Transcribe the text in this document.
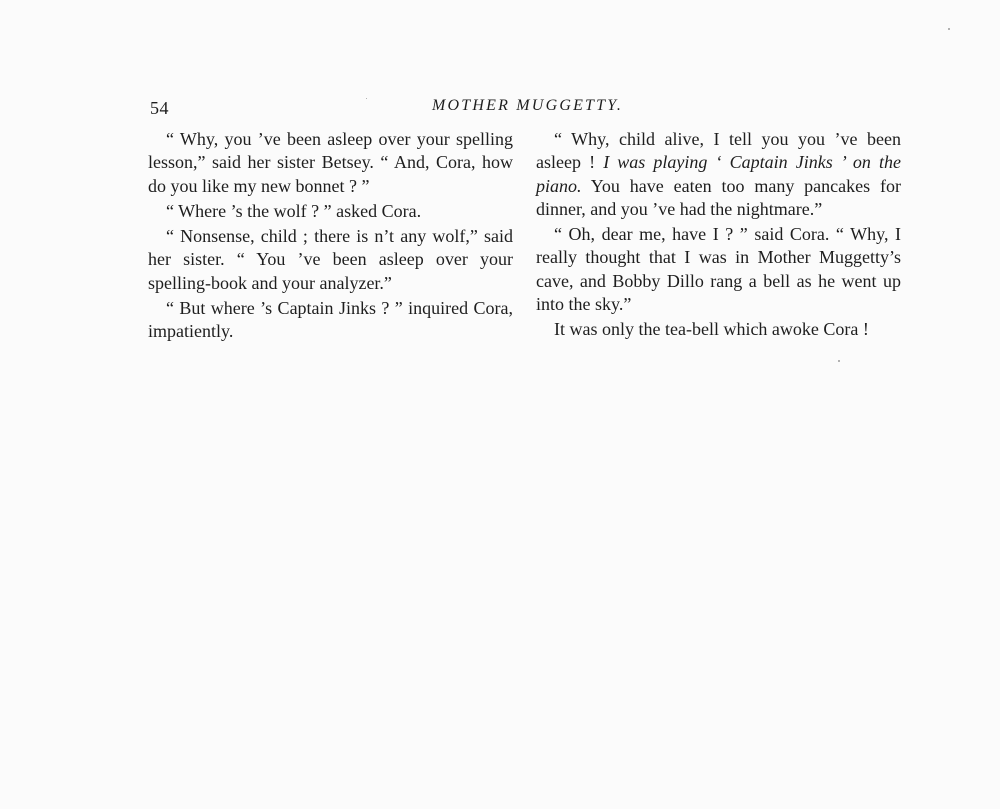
54	MOTHER MUGGETTY.

“ Why, you ’ve been asleep over your spelling lesson,” said her sister Betsey. “ And, Cora, how do you like my new bonnet ? ”

“ Where ’s the wolf ? ” asked Cora.

“ Nonsense, child ; there is n’t any wolf,” said her sister. “ You ’ve been asleep over your spelling-book and your analyzer.”

“ But where ’s Captain Jinks ? ” inquired Cora, impatiently.

“ Why, child alive, I tell you you ’ve been asleep ! I was playing ‘ Captain Jinks ’ on the piano. You have eaten too many pancakes for dinner, and you ’ve had the nightmare.”

“ Oh, dear me, have I ? ” said Cora. “ Why, I really thought that I was in Mother Muggetty’s cave, and Bobby Dillo rang a bell as he went up into the sky.”

It was only the tea-bell which awoke Cora !
